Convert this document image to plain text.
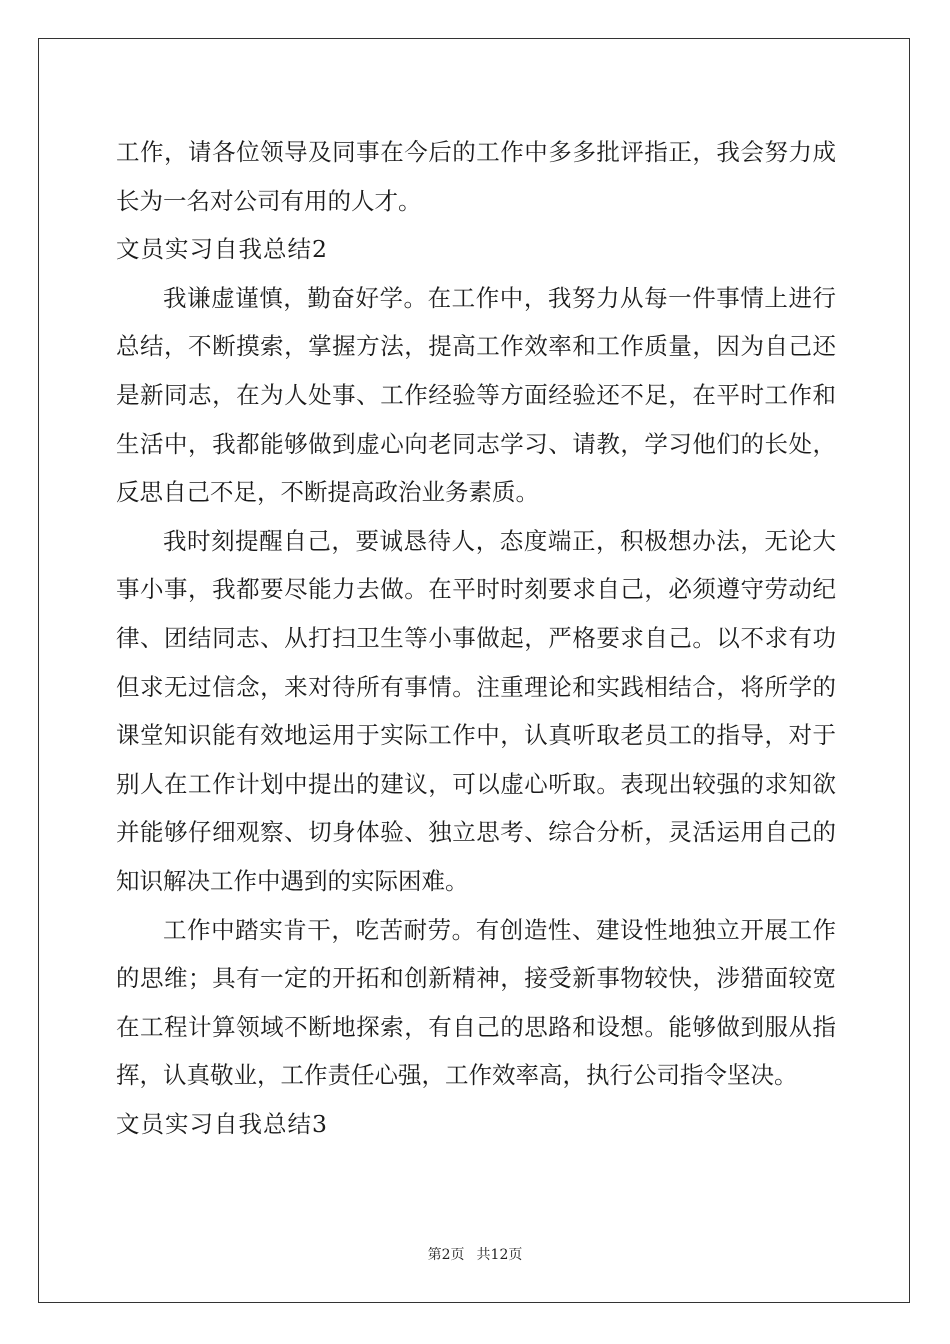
工作，请各位领导及同事在今后的工作中多多批评指正，我会努力成
长为一名对公司有用的人才。
文员实习自我总结2
我谦虚谨慎，勤奋好学。在工作中，我努力从每一件事情上进行
总结，不断摸索，掌握方法，提高工作效率和工作质量，因为自己还
是新同志，在为人处事、工作经验等方面经验还不足，在平时工作和
生活中，我都能够做到虚心向老同志学习、请教，学习他们的长处，
反思自己不足，不断提高政治业务素质。
我时刻提醒自己，要诚恳待人，态度端正，积极想办法，无论大
事小事，我都要尽能力去做。在平时时刻要求自己，必须遵守劳动纪
律、团结同志、从打扫卫生等小事做起，严格要求自己。以不求有功
但求无过信念，来对待所有事情。注重理论和实践相结合，将所学的
课堂知识能有效地运用于实际工作中，认真听取老员工的指导，对于
别人在工作计划中提出的建议，可以虚心听取。表现出较强的求知欲
并能够仔细观察、切身体验、独立思考、综合分析，灵活运用自己的
知识解决工作中遇到的实际困难。
工作中踏实肯干，吃苦耐劳。有创造性、建设性地独立开展工作
的思维；具有一定的开拓和创新精神，接受新事物较快，涉猎面较宽
在工程计算领域不断地探索，有自己的思路和设想。能够做到服从指
挥，认真敬业，工作责任心强，工作效率高，执行公司指令坚决。
文员实习自我总结3
第2页 共12页
